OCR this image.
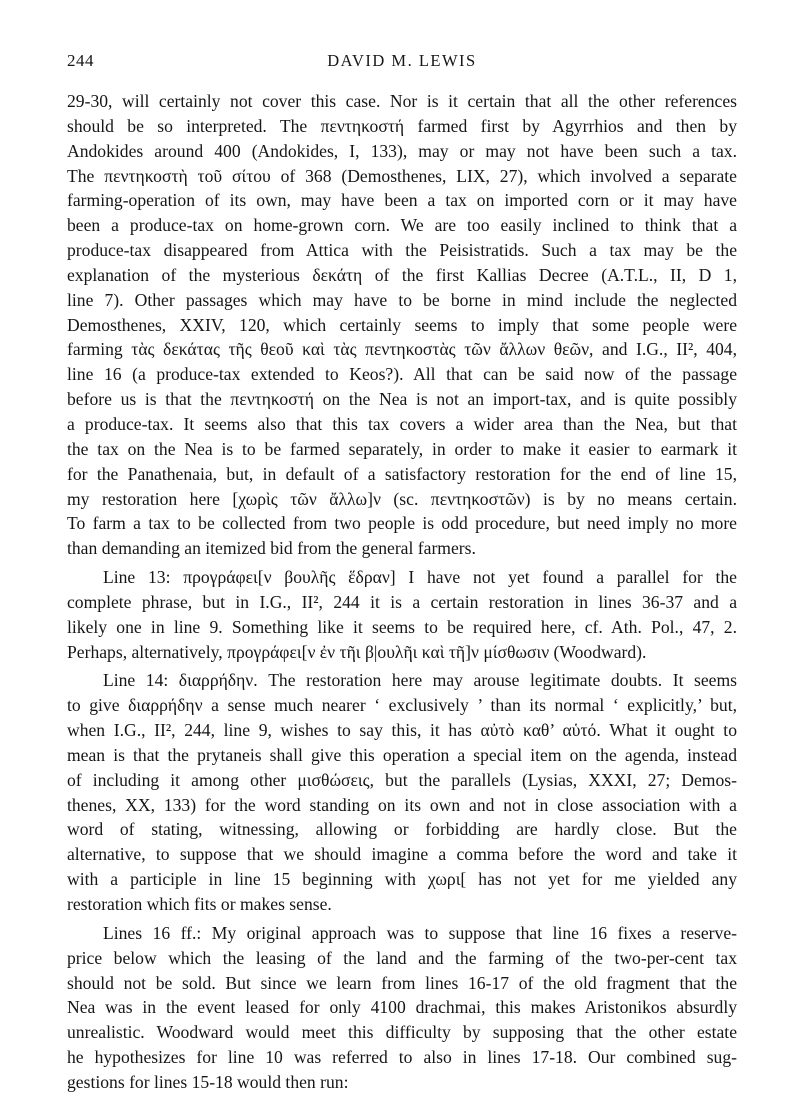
244	DAVID M. LEWIS
29-30, will certainly not cover this case. Nor is it certain that all the other references
should be so interpreted. The πεντηκοστή farmed first by Agyrrhios and then by
Andokides around 400 (Andokides, I, 133), may or may not have been such a tax.
The πεντηκοστὴ τοῦ σίτου of 368 (Demosthenes, LIX, 27), which involved a separate
farming-operation of its own, may have been a tax on imported corn or it may have
been a produce-tax on home-grown corn. We are too easily inclined to think that a
produce-tax disappeared from Attica with the Peisistratids. Such a tax may be the
explanation of the mysterious δεκάτη of the first Kallias Decree (A.T.L., II, D 1,
line 7). Other passages which may have to be borne in mind include the neglected
Demosthenes, XXIV, 120, which certainly seems to imply that some people were
farming τὰς δεκάτας τῆς θεοῦ καὶ τὰς πεντηκοστὰς τῶν ἄλλων θεῶν, and I.G., II², 404,
line 16 (a produce-tax extended to Keos?). All that can be said now of the passage
before us is that the πεντηκοστή on the Nea is not an import-tax, and is quite possibly
a produce-tax. It seems also that this tax covers a wider area than the Nea, but that
the tax on the Nea is to be farmed separately, in order to make it easier to earmark it
for the Panathenaia, but, in default of a satisfactory restoration for the end of line 15,
my restoration here [χωρὶς τῶν ἄλλω]ν (sc. πεντηκοστῶν) is by no means certain.
To farm a tax to be collected from two people is odd procedure, but need imply no more
than demanding an itemized bid from the general farmers.
Line 13: προγράφει[ν βουλῆς ἕδραν] I have not yet found a parallel for the
complete phrase, but in I.G., II², 244 it is a certain restoration in lines 36-37 and a
likely one in line 9. Something like it seems to be required here, cf. Ath. Pol., 47, 2.
Perhaps, alternatively, προγράφει[ν ἐν τῆι β|ουλῆι καὶ τῆ]ν μίσθωσιν (Woodward).
Line 14: διαρρήδην. The restoration here may arouse legitimate doubts. It seems
to give διαρρήδην a sense much nearer ‘ exclusively ’ than its normal ‘ explicitly,’ but,
when I.G., II², 244, line 9, wishes to say this, it has αὐτὸ καθ’ αὑτό. What it ought to
mean is that the prytaneis shall give this operation a special item on the agenda, instead
of including it among other μισθώσεις, but the parallels (Lysias, XXXI, 27; Demos-
thenes, XX, 133) for the word standing on its own and not in close association with a
word of stating, witnessing, allowing or forbidding are hardly close. But the
alternative, to suppose that we should imagine a comma before the word and take it
with a participle in line 15 beginning with χωρι[ has not yet for me yielded any
restoration which fits or makes sense.
Lines 16 ff.: My original approach was to suppose that line 16 fixes a reserve-
price below which the leasing of the land and the farming of the two-per-cent tax
should not be sold. But since we learn from lines 16-17 of the old fragment that the
Nea was in the event leased for only 4100 drachmai, this makes Aristonikos absurdly
unrealistic. Woodward would meet this difficulty by supposing that the other estate
he hypothesizes for line 10 was referred to also in lines 17-18. Our combined sug-
gestions for lines 15-18 would then run:
